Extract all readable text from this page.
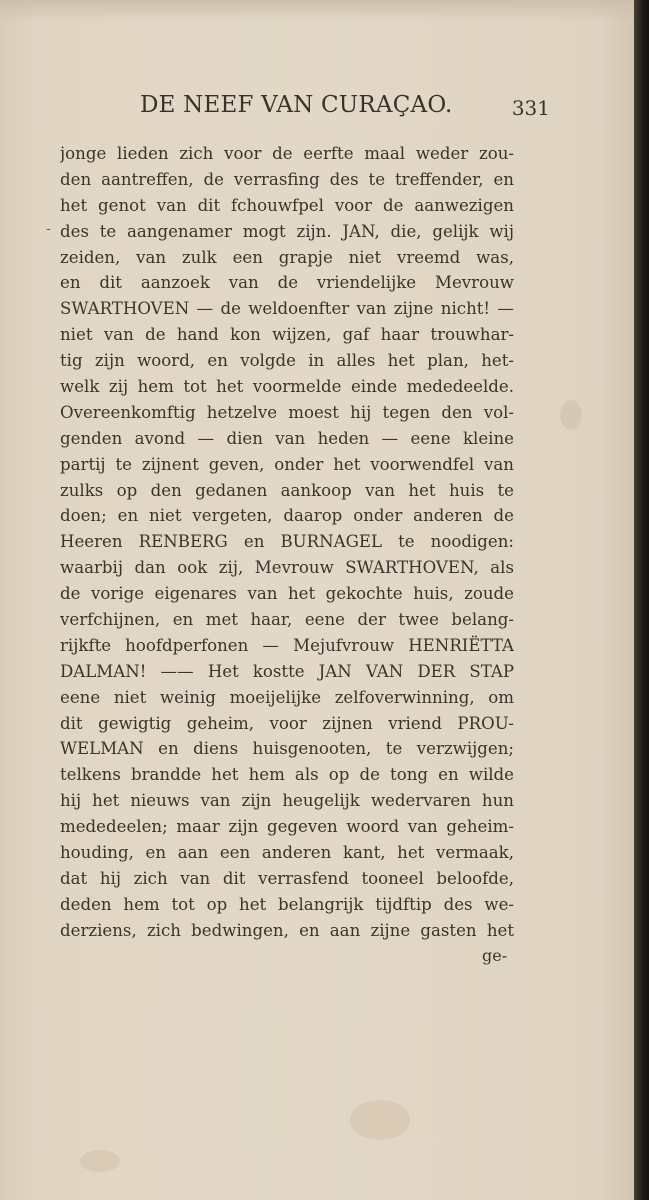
DE NEEF VAN CURAÇAO.	331
-
jonge lieden zich voor de eerfte maal weder zou-
den aantreffen, de verrasfing des te treffender, en
het genot van dit fchouwfpel voor de aanwezigen
des te aangenamer mogt zijn. JAN, die, gelijk wij
zeiden, van zulk een grapje niet vreemd was,
en dit aanzoek van de vriendelijke Mevrouw
SWARTHOVEN — de weldoenfter van zijne nicht! —
niet van de hand kon wijzen, gaf haar trouwhar-
tig zijn woord, en volgde in alles het plan, het-
welk zij hem tot het voormelde einde mededeelde.
Overeenkomftig hetzelve moest hij tegen den vol-
genden avond — dien van heden — eene kleine
partij te zijnent geven, onder het voorwendfel van
zulks op den gedanen aankoop van het huis te
doen; en niet vergeten, daarop onder anderen de
Heeren RENBERG en BURNAGEL te noodigen:
waarbij dan ook zij, Mevrouw SWARTHOVEN, als
de vorige eigenares van het gekochte huis, zoude
verfchijnen, en met haar, eene der twee belang-
rijkfte hoofdperfonen — Mejufvrouw HENRIËTTA
DALMAN! —— Het kostte JAN VAN DER STAP
eene niet weinig moeijelijke zelfoverwinning, om
dit gewigtig geheim, voor zijnen vriend PROU-
WELMAN en diens huisgenooten, te verzwijgen;
telkens brandde het hem als op de tong en wilde
hij het nieuws van zijn heugelijk wedervaren hun
mededeelen; maar zijn gegeven woord van geheim-
houding, en aan een anderen kant, het vermaak,
dat hij zich van dit verrasfend tooneel beloofde,
deden hem tot op het belangrijk tijdftip des we-
derziens, zich bedwingen, en aan zijne gasten het
ge-
